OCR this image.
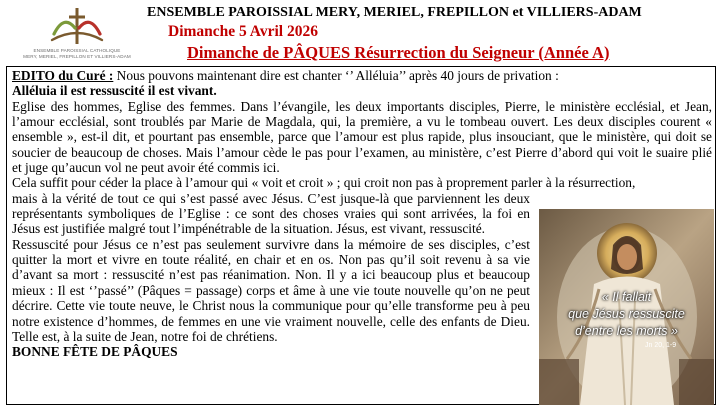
ENSEMBLE PAROISSIAL CATHOLIQUE
MERY, MERIEL, FREPILLON ET VILLIERS-ADAM
ENSEMBLE PAROISSIAL MERY, MERIEL, FREPILLON et VILLIERS-ADAM
Dimanche 5 Avril 2026
Dimanche de PÂQUES Résurrection du Seigneur (Année A)

EDITO du Curé : Nous pouvons maintenant dire est chanter ‘’ Alléluia’’ après 40 jours de privation :

Alléluia il est ressuscité il est vivant.

Eglise des hommes, Eglise des femmes. Dans l’évangile, les deux importants disciples, Pierre, le ministère ecclésial, et Jean, l’amour ecclésial, sont troublés par Marie de Magdala, qui, la première, a vu le tombeau ouvert. Les deux disciples courent « ensemble », est-il dit, et pourtant pas ensemble, parce que l’amour est plus rapide, plus insouciant, que le ministère, qui doit se soucier de beaucoup de choses. Mais l’amour cède le pas pour l’examen, au ministère, c’est Pierre d’abord qui voit le suaire plié et juge qu’aucun vol ne peut avoir été commis ici.

Cela suffit pour céder la place à l’amour qui « voit et croit » ; qui croit non pas à proprement parler à la résurrection,

mais à la vérité de tout ce qui s’est passé avec Jésus. C’est jusque-là que parviennent les deux représentants symboliques de l’Eglise : ce sont des choses vraies qui sont arrivées, la foi en Jésus est justifiée malgré tout l’impénétrable de la situation. Jésus, est vivant, ressuscité.

Ressuscité pour Jésus ce n’est pas seulement survivre dans la mémoire de ses disciples, c’est quitter la mort et vivre en toute réalité, en chair et en os. Non pas qu’il soit revenu à sa vie d’avant sa mort : ressuscité n’est pas réanimation. Non. Il y a ici beaucoup plus et beaucoup mieux : Il est ‘’passé’’ (Pâques = passage) corps et âme à une vie toute nouvelle qu’on ne peut décrire. Cette vie toute neuve, le Christ nous la communique pour qu’elle transforme peu à peu notre existence d’hommes, de femmes en une vie vraiment nouvelle, celle des enfants de Dieu. Telle est, à la suite de Jean, notre foi de chrétiens.

BONNE FÊTE DE PÂQUES

« Il fallait
que Jésus ressuscite
d’entre les morts »
Jn 20, 1-9
